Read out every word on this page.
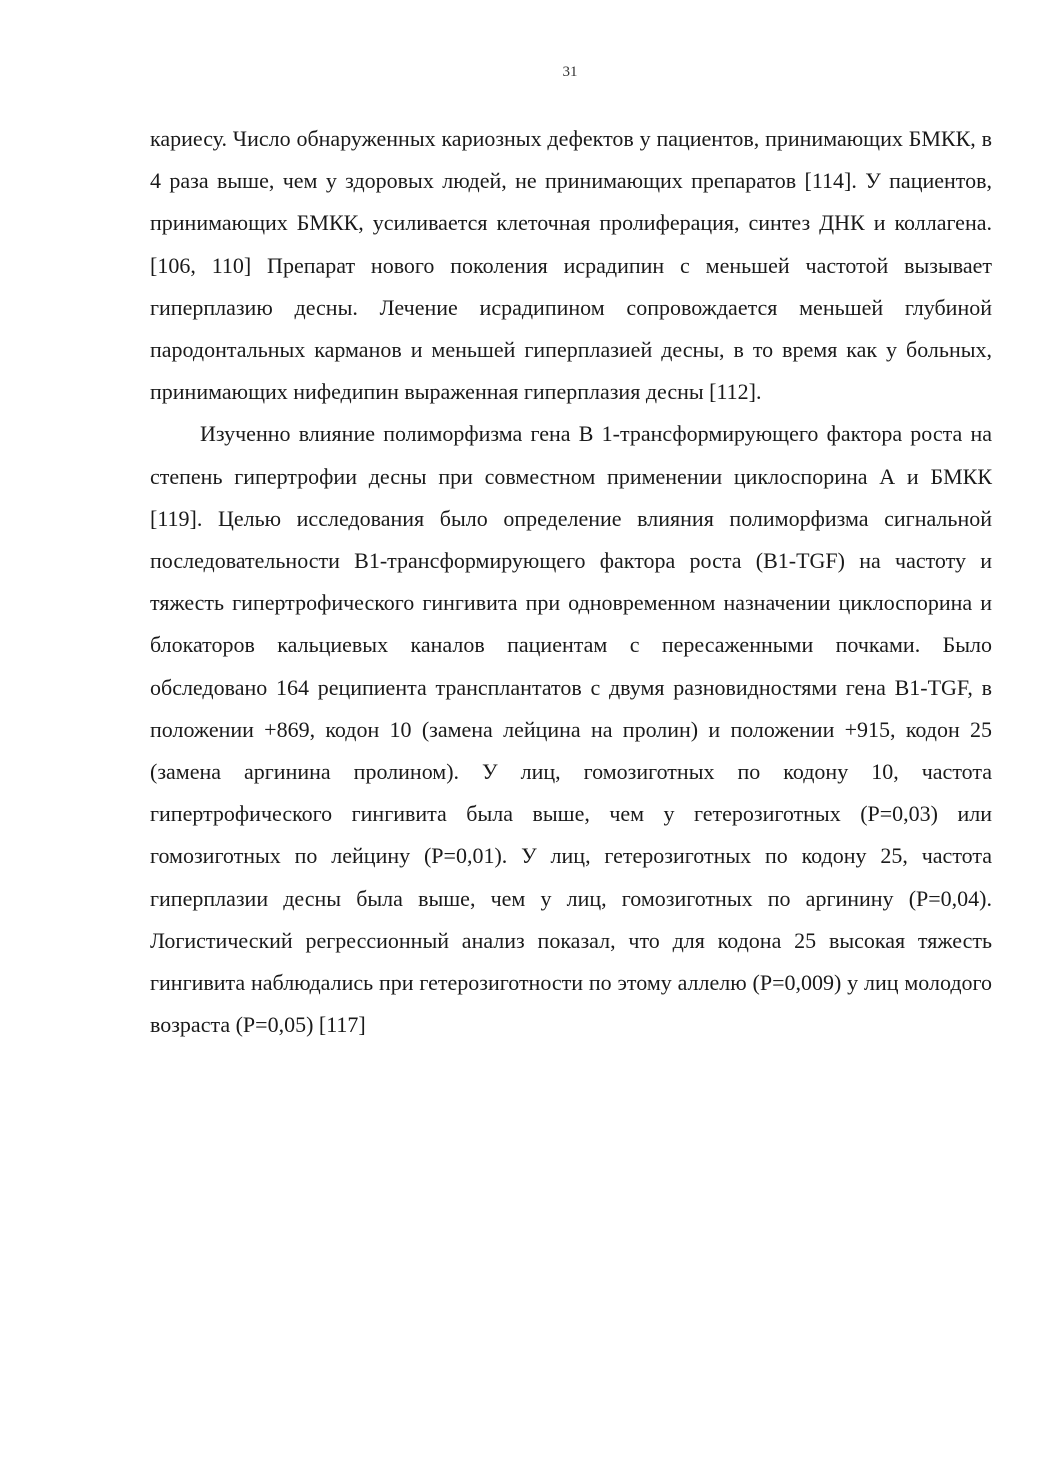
31

кариесу. Число обнаруженных кариозных дефектов у пациентов, принимающих БМКК, в 4 раза выше, чем у здоровых людей, не принимающих препаратов [114]. У пациентов, принимающих БМКК, усиливается клеточная пролиферация, синтез ДНК и коллагена. [106, 110] Препарат нового поколения исрадипин с меньшей частотой вызывает гиперплазию десны. Лечение исрадипином сопровождается меньшей глубиной пародонтальных карманов и меньшей гиперплазией десны, в то время как у больных, принимающих нифедипин выраженная гиперплазия десны [112].

Изученно влияние полиморфизма гена В 1-трансформирующего фактора роста на степень гипертрофии десны при совместном применении циклоспорина А и БМКК [119]. Целью исследования было определение влияния полиморфизма сигнальной последовательности В1-трансформирующего фактора роста (В1-TGF) на частоту и тяжесть гипертрофического гингивита при одновременном назначении циклоспорина и блокаторов кальциевых каналов пациентам с пересаженными почками. Было обследовано 164 реципиента трансплантатов с двумя разновидностями гена В1-TGF, в положении +869, кодон 10 (замена лейцина на пролин) и положении +915, кодон 25 (замена аргинина пролином). У лиц, гомозиготных по кодону 10, частота гипертрофического гингивита была выше, чем у гетерозиготных (Р=0,03) или гомозиготных по лейцину (Р=0,01). У лиц, гетерозиготных по кодону 25, частота гиперплазии десны была выше, чем у лиц, гомозиготных по аргинину (Р=0,04). Логистический регрессионный анализ показал, что для кодона 25 высокая тяжесть гингивита наблюдались при гетерозиготности по этому аллелю (Р=0,009) у лиц молодого возраста (Р=0,05) [117]
